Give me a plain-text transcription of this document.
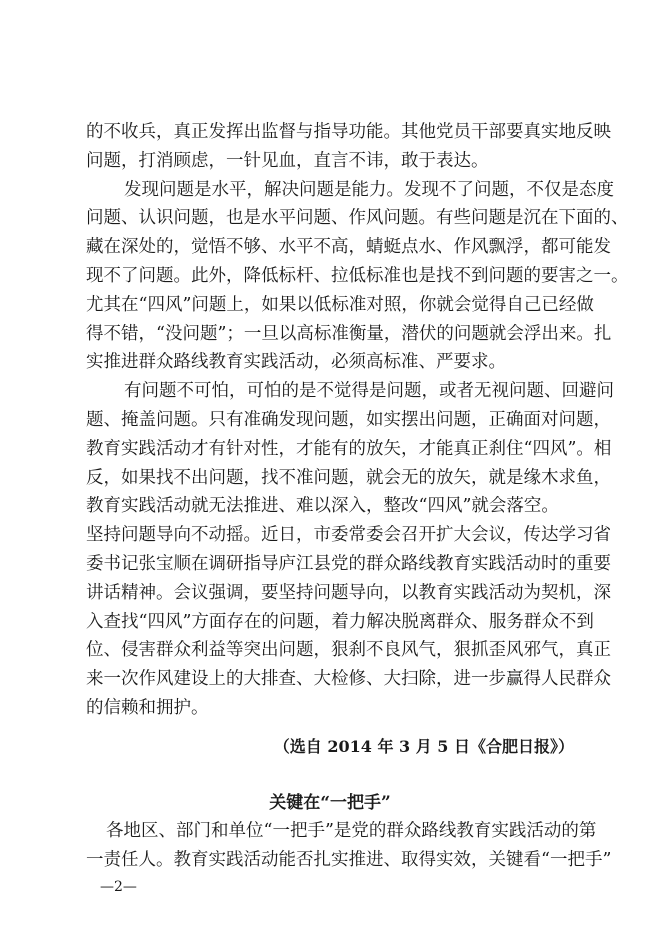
的不收兵，真正发挥出监督与指导功能。其他党员干部要真实地反映
问题，打消顾虑，一针见血，直言不讳，敢于表达。
发现问题是水平，解决问题是能力。发现不了问题，不仅是态度
问题、认识问题，也是水平问题、作风问题。有些问题是沉在下面的、
藏在深处的，觉悟不够、水平不高，蜻蜓点水、作风飘浮，都可能发
现不了问题。此外，降低标杆、拉低标准也是找不到问题的要害之一。
尤其在“四风”问题上，如果以低标准对照，你就会觉得自己已经做
得不错，“没问题”；一旦以高标准衡量，潜伏的问题就会浮出来。扎
实推进群众路线教育实践活动，必须高标准、严要求。
有问题不可怕，可怕的是不觉得是问题，或者无视问题、回避问
题、掩盖问题。只有准确发现问题，如实摆出问题，正确面对问题，
教育实践活动才有针对性，才能有的放矢，才能真正刹住“四风”。相
反，如果找不出问题，找不准问题，就会无的放矢，就是缘木求鱼，
教育实践活动就无法推进、难以深入，整改“四风”就会落空。
坚持问题导向不动摇。近日，市委常委会召开扩大会议，传达学习省
委书记张宝顺在调研指导庐江县党的群众路线教育实践活动时的重要
讲话精神。会议强调，要坚持问题导向，以教育实践活动为契机，深
入查找“四风”方面存在的问题，着力解决脱离群众、服务群众不到
位、侵害群众利益等突出问题，狠刹不良风气，狠抓歪风邪气，真正
来一次作风建设上的大排查、大检修、大扫除，进一步赢得人民群众
的信赖和拥护。
（选自 2014 年 3 月 5 日《合肥日报》）
关键在“一把手”
各地区、部门和单位“一把手”是党的群众路线教育实践活动的第
一责任人。教育实践活动能否扎实推进、取得实效，关键看“一把手”
—2—
